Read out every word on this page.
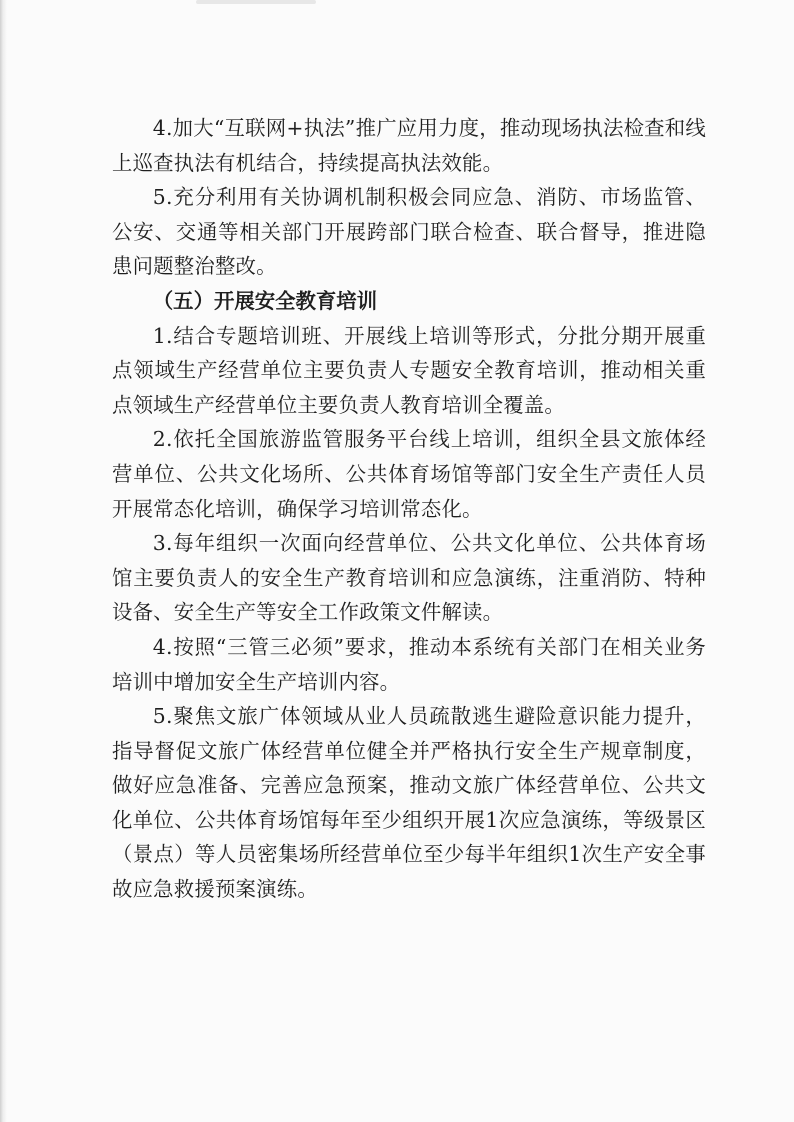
4.加大“互联网+执法”推广应用力度，推动现场执法检查和线上巡查执法有机结合，持续提高执法效能。

5.充分利用有关协调机制积极会同应急、消防、市场监管、公安、交通等相关部门开展跨部门联合检查、联合督导，推进隐患问题整治整改。

（五）开展安全教育培训

1.结合专题培训班、开展线上培训等形式，分批分期开展重点领域生产经营单位主要负责人专题安全教育培训，推动相关重点领域生产经营单位主要负责人教育培训全覆盖。

2.依托全国旅游监管服务平台线上培训，组织全县文旅体经营单位、公共文化场所、公共体育场馆等部门安全生产责任人员开展常态化培训，确保学习培训常态化。

3.每年组织一次面向经营单位、公共文化单位、公共体育场馆主要负责人的安全生产教育培训和应急演练，注重消防、特种设备、安全生产等安全工作政策文件解读。

4.按照“三管三必须”要求，推动本系统有关部门在相关业务培训中增加安全生产培训内容。

5.聚焦文旅广体领域从业人员疏散逃生避险意识能力提升，指导督促文旅广体经营单位健全并严格执行安全生产规章制度，做好应急准备、完善应急预案，推动文旅广体经营单位、公共文化单位、公共体育场馆每年至少组织开展1次应急演练，等级景区（景点）等人员密集场所经营单位至少每半年组织1次生产安全事故应急救援预案演练。
